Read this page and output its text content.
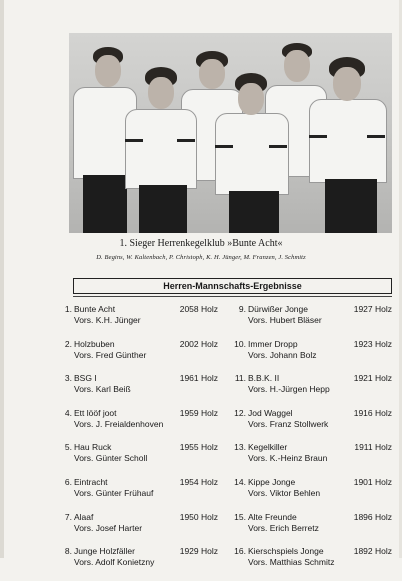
1. Sieger Herrenkegelklub »Bunte Acht«
D. Begins, W. Kaltenbach, P. Christoph, K. H. Jünger, M. Franzen, J. Schmitz
Herren-Mannschafts-Ergebnisse
1. Bunte Acht	2058 Holz
Vors. K.H. Jünger
2. Holzbuben	2002 Holz
Vors. Fred Günther
3. BSG I	1961 Holz
Vors. Karl Beiß
4. Ett lööf joot	1959 Holz
Vors. J. Freialdenhoven
5. Hau Ruck	1955 Holz
Vors. Günter Scholl
6. Eintracht	1954 Holz
Vors. Günter Frühauf
7. Alaaf	1950 Holz
Vors. Josef Harter
8. Junge Holzfäller	1929 Holz
Vors. Adolf Konietzny
9. Dürwißer Jonge	1927 Holz
Vors. Hubert Bläser
10. Immer Dropp	1923 Holz
Vors. Johann Bolz
11. B.B.K. II	1921 Holz
Vors. H.-Jürgen Hepp
12. Jod Waggel	1916 Holz
Vors. Franz Stollwerk
13. Kegelkiller	1911 Holz
Vors. K.-Heinz Braun
14. Kippe Jonge	1901 Holz
Vors. Viktor Behlen
15. Alte Freunde	1896 Holz
Vors. Erich Berretz
16. Kierschspiels Jonge	1892 Holz
Vors. Matthias Schmitz
